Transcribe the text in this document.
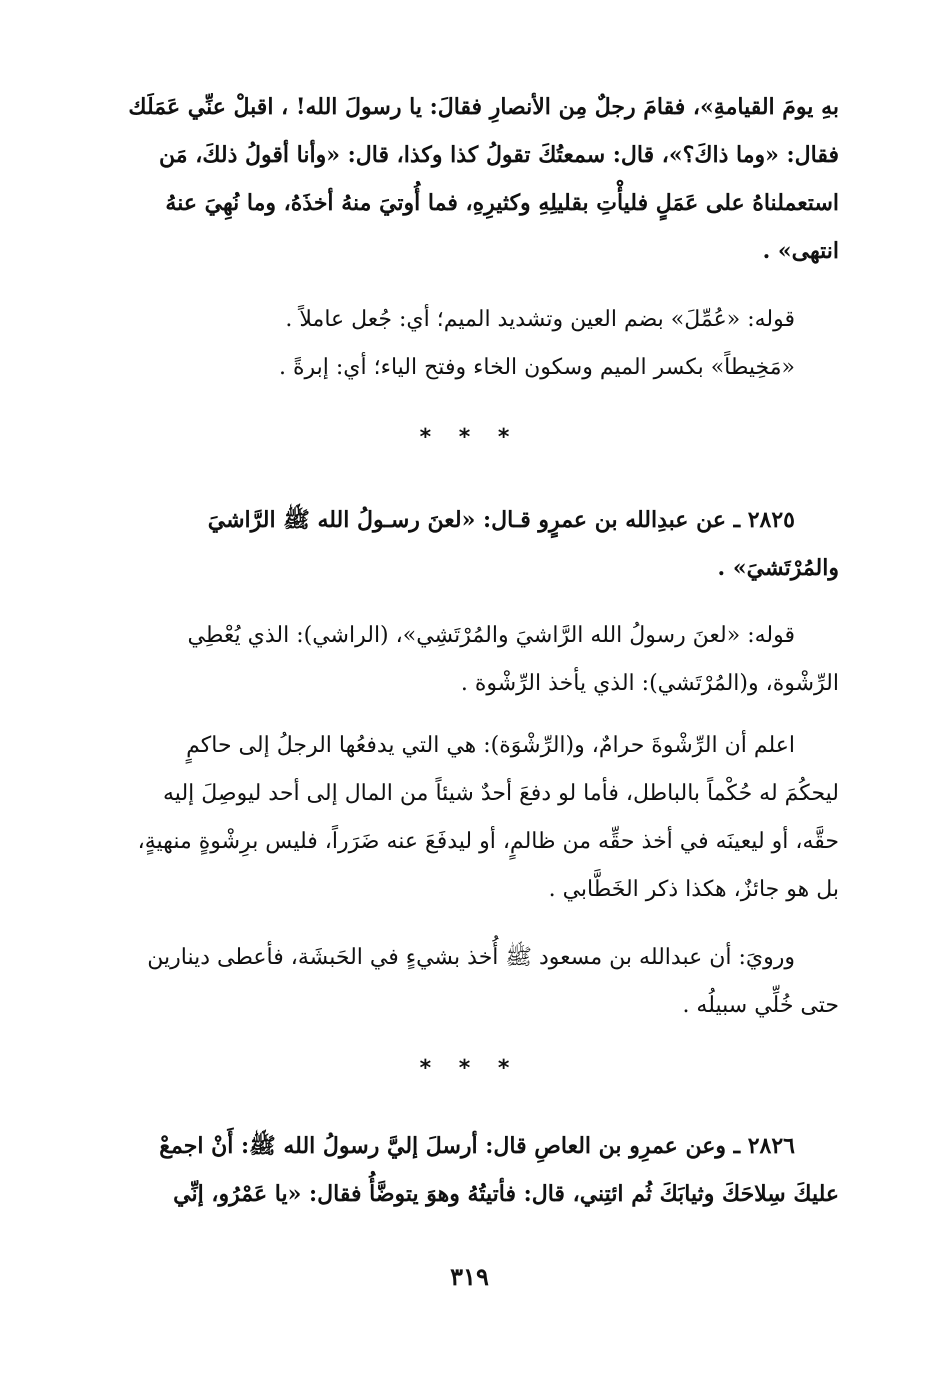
بهِ يومَ القيامةِ»، فقامَ رجلٌ مِن الأنصارِ فقالَ: يا رسولَ الله! ، اقبلْ عنِّي عَمَلَك
فقال: «وما ذاكَ؟»، قال: سمعتُكَ تقولُ كذا وكذا، قال: «وأنا أقولُ ذلكَ، مَن
استعملناهُ على عَمَلٍ فليأْتِ بقليلِهِ وكثيرِهِ، فما أُوتيَ منهُ أخذَهُ، وما نُهِيَ عنهُ
انتهى» .
قوله: «عُمِّلَ» بضم العين وتشديد الميم؛ أي: جُعل عاملاً .
«مَخِيطاً» بكسر الميم وسكون الخاء وفتح الياء؛ أي: إبرةً .
* * *
٢٨٢٥ ـ عن عبدِالله بن عمرٍو قـال: «لعنَ رسـولُ الله ﷺ الرَّاشيَ
والمُرْتَشيَ» .
قوله: «لعنَ رسولُ الله الرَّاشيَ والمُرْتَشِي»، (الراشي): الذي يُعْطِي
الرِّشْوة، و(المُرْتَشي): الذي يأخذ الرِّشْوة .
اعلم أن الرِّشْوةَ حرامٌ، و(الرِّشْوَة): هي التي يدفعُها الرجلُ إلى حاكمٍ
ليحكُمَ له حُكْماً بالباطل، فأما لو دفعَ أحدٌ شيئاً من المال إلى أحد ليوصِلَ إليه
حقَّه، أو ليعينَه في أخذ حقِّه من ظالمٍ، أو ليدفَعَ عنه ضَرَراً، فليس برِشْوةٍ منهيةٍ،
بل هو جائزٌ، هكذا ذكر الخَطَّابي .
ورويَ: أن عبدالله بن مسعود ﷺ أُخذ بشيءٍ في الحَبشَة، فأعطى دينارين
حتى خُلِّي سبيلُه .
* * *
٢٨٢٦ ـ وعن عمرِو بن العاصِ قال: أرسلَ إليَّ رسولُ الله ﷺ: أَنْ اجمعْ
عليكَ سِلاحَكَ وثيابَكَ ثُم ائتِني، قال: فأتيتُهُ وهوَ يتوضَّأُ فقال: «يا عَمْرُو، إنِّي
٣١٩
